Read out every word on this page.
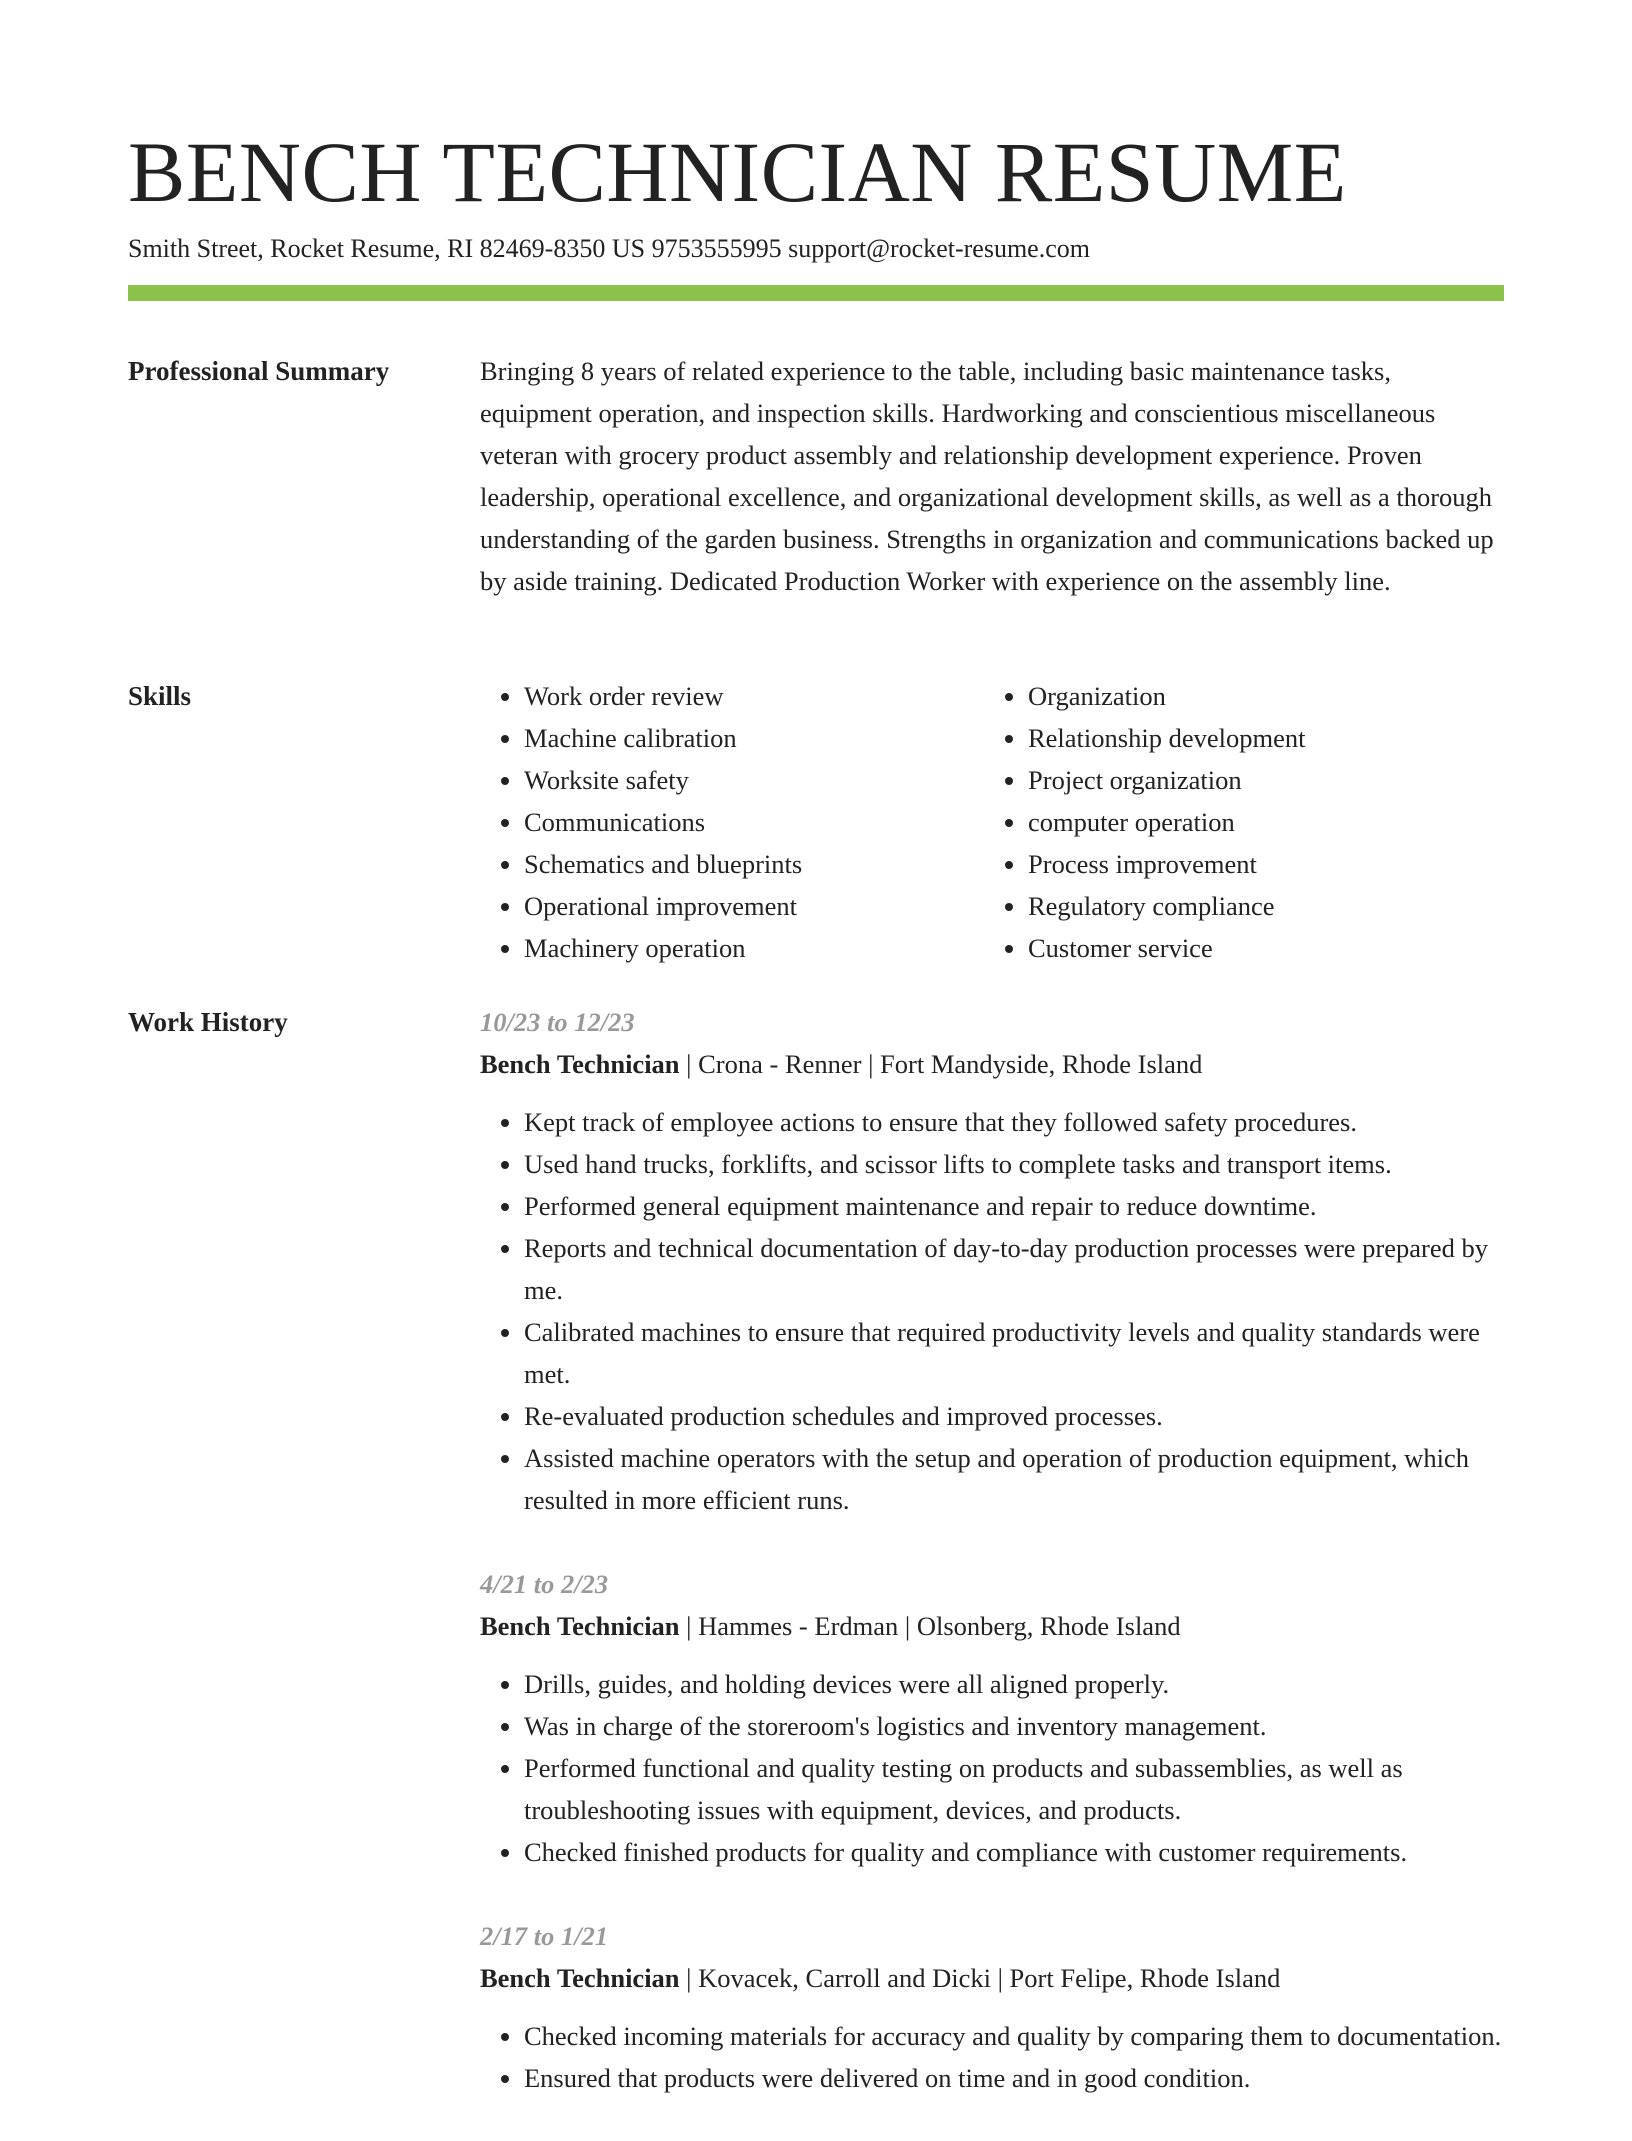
BENCH TECHNICIAN RESUME
Smith Street, Rocket Resume, RI 82469-8350 US 9753555995 support@rocket-resume.com
Professional Summary	Bringing 8 years of related experience to the table, including basic maintenance tasks, equipment operation, and inspection skills. Hardworking and conscientious miscellaneous veteran with grocery product assembly and relationship development experience. Proven leadership, operational excellence, and organizational development skills, as well as a thorough understanding of the garden business. Strengths in organization and communications backed up by aside training. Dedicated Production Worker with experience on the assembly line.

Skills
•	Work order review
• Machine calibration
• Worksite safety
• Communications
• Schematics and blueprints
• Operational improvement
• Machinery operation
• Organization
• Relationship development
• Project organization
• computer operation
• Process improvement
• Regulatory compliance
• Customer service
Work History	10/23 to 12/23
Bench Technician | Crona - Renner | Fort Mandyside, Rhode Island
• Kept track of employee actions to ensure that they followed safety procedures.
• Used hand trucks, forklifts, and scissor lifts to complete tasks and transport items.
• Performed general equipment maintenance and repair to reduce downtime.
• Reports and technical documentation of day-to-day production processes were prepared by me.
• Calibrated machines to ensure that required productivity levels and quality standards were met.
• Re-evaluated production schedules and improved processes.
• Assisted machine operators with the setup and operation of production equipment, which resulted in more efficient runs.
4/21 to 2/23
Bench Technician | Hammes - Erdman | Olsonberg, Rhode Island
• Drills, guides, and holding devices were all aligned properly.
• Was in charge of the storeroom's logistics and inventory management.
• Performed functional and quality testing on products and subassemblies, as well as troubleshooting issues with equipment, devices, and products.
• Checked finished products for quality and compliance with customer requirements.
2/17 to 1/21
Bench Technician | Kovacek, Carroll and Dicki | Port Felipe, Rhode Island
• Checked incoming materials for accuracy and quality by comparing them to documentation.
• Ensured that products were delivered on time and in good condition.
